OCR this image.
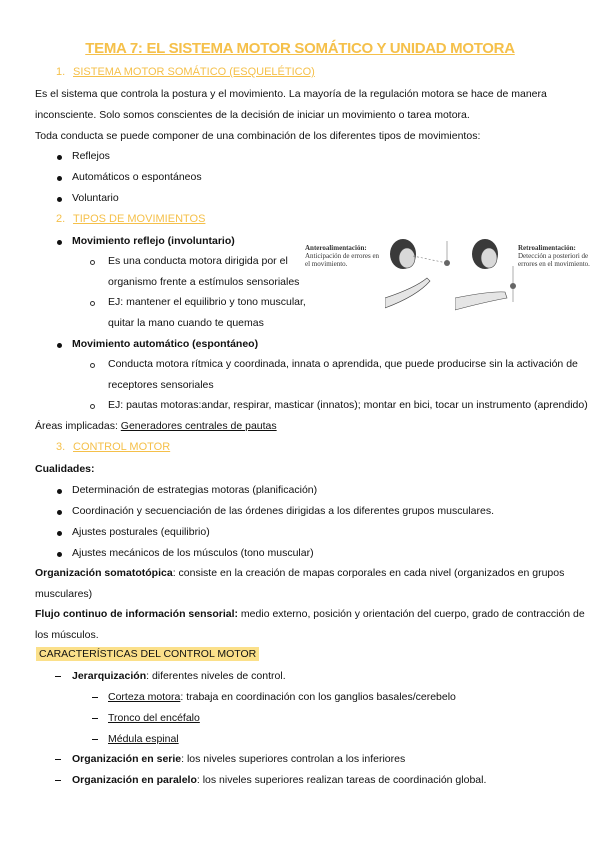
TEMA 7: EL SISTEMA MOTOR SOMÁTICO Y UNIDAD MOTORA
1. SISTEMA MOTOR SOMÁTICO (ESQUELÉTICO)
Es el sistema que controla la postura y el movimiento. La mayoría de la regulación motora se hace de manera
inconsciente. Solo somos conscientes de la decisión de iniciar un movimiento o tarea motora.
Toda conducta se puede componer de una combinación de los diferentes tipos de movimientos:
Reflejos
Automáticos o espontáneos
Voluntario
2. TIPOS DE MOVIMIENTOS
Movimiento reflejo (involuntario)
Es una conducta motora dirigida por el
organismo frente a estímulos sensoriales
EJ: mantener el equilibrio y tono muscular,
quitar la mano cuando te quemas
Anteroalimentación:
Anticipación de errores en el movimiento.
Retroalimentación:
Detección a posteriori de errores en el movimiento.
Movimiento automático (espontáneo)
Conducta motora rítmica y coordinada, innata o aprendida, que puede producirse sin la activación de
receptores sensoriales
EJ: pautas motoras:andar, respirar, masticar (innatos); montar en bici, tocar un instrumento (aprendido)
Áreas implicadas: Generadores centrales de pautas
3. CONTROL MOTOR
Cualidades:
Determinación de estrategias motoras (planificación)
Coordinación y secuenciación de las órdenes dirigidas a los diferentes grupos musculares.
Ajustes posturales (equilibrio)
Ajustes mecánicos de los músculos (tono muscular)
Organización somatotópica: consiste en la creación de mapas corporales en cada nivel (organizados en grupos
musculares)
Flujo continuo de información sensorial: medio externo, posición y orientación del cuerpo, grado de contracción de
los músculos.
CARACTERÍSTICAS DEL CONTROL MOTOR
Jerarquización: diferentes niveles de control.
Corteza motora: trabaja en coordinación con los ganglios basales/cerebelo
Tronco del encéfalo
Médula espinal
Organización en serie: los niveles superiores controlan a los inferiores
Organización en paralelo: los niveles superiores realizan tareas de coordinación global.
